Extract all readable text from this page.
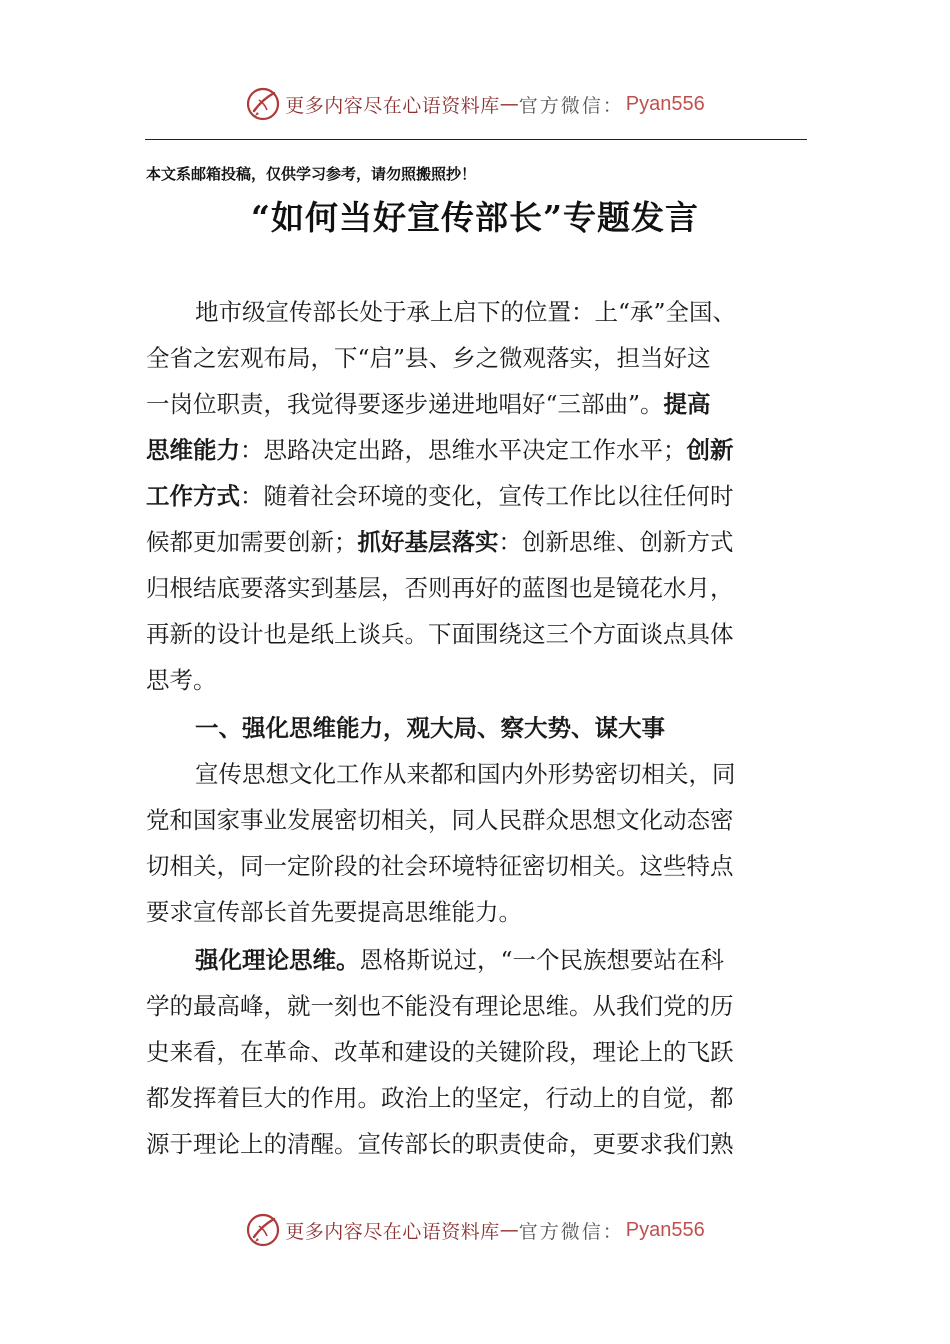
更多内容尽在心语资料库 — 官方微信： Pyan556
本文系邮箱投稿，仅供学习参考，请勿照搬照抄！
“如何当好宣传部长”专题发言
地市级宣传部长处于承上启下的位置：上“承”全国、
全省之宏观布局，下“启”县、乡之微观落实，担当好这
一岗位职责，我觉得要逐步递进地唱好“三部曲”。提高
思维能力：思路决定出路，思维水平决定工作水平；创新
工作方式：随着社会环境的变化，宣传工作比以往任何时
候都更加需要创新；抓好基层落实：创新思维、创新方式
归根结底要落实到基层，否则再好的蓝图也是镜花水月，
再新的设计也是纸上谈兵。下面围绕这三个方面谈点具体
思考。
一、强化思维能力，观大局、察大势、谋大事
宣传思想文化工作从来都和国内外形势密切相关，同
党和国家事业发展密切相关，同人民群众思想文化动态密
切相关，同一定阶段的社会环境特征密切相关。这些特点
要求宣传部长首先要提高思维能力。
强化理论思维。恩格斯说过，“一个民族想要站在科
学的最高峰，就一刻也不能没有理论思维。从我们党的历
史来看，在革命、改革和建设的关键阶段，理论上的飞跃
都发挥着巨大的作用。政治上的坚定，行动上的自觉，都
源于理论上的清醒。宣传部长的职责使命，更要求我们熟
更多内容尽在心语资料库 — 官方微信： Pyan556
